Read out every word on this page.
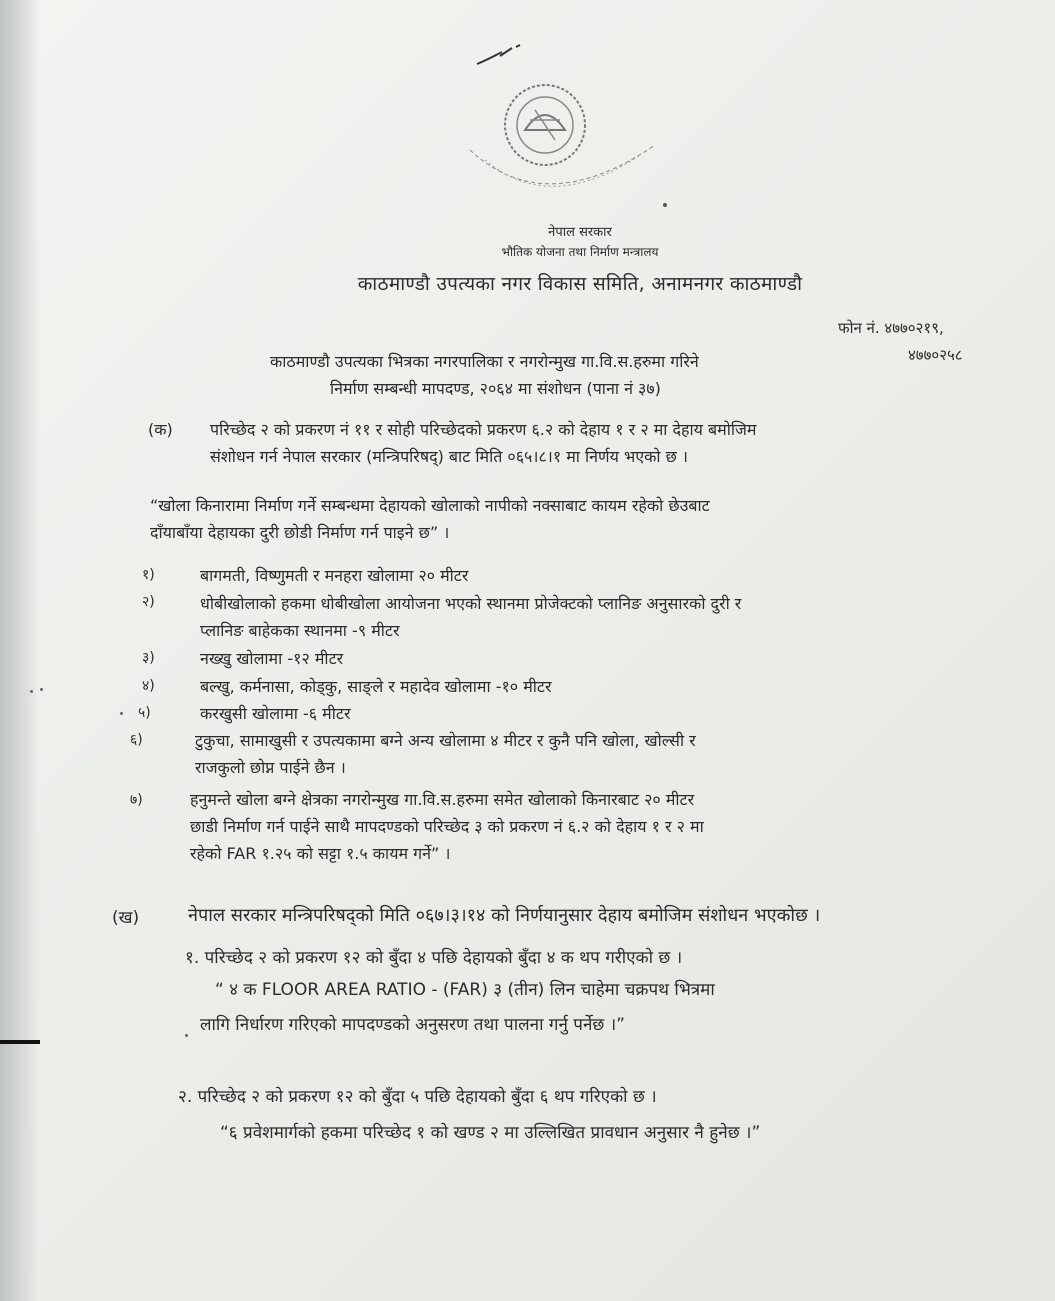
नेपाल सरकार
भौतिक योजना तथा निर्माण मन्त्रालय
काठमाण्डौ उपत्यका नगर विकास समिति, अनामनगर काठमाण्डौ
फोन नं. ४७७०२१९,
४७७०२५८
काठमाण्डौ उपत्यका भित्रका नगरपालिका र नगरोन्मुख गा.वि.स.हरुमा गरिने
निर्माण सम्बन्धी मापदण्ड, २०६४ मा संशोधन (पाना नं ३७)
(क) परिच्छेद २ को प्रकरण नं ११ र सोही परिच्छेदको प्रकरण ६.२ को देहाय १ र २ मा देहाय बमोजिम
संशोधन गर्न नेपाल सरकार (मन्त्रिपरिषद्) बाट मिति ०६५।८।१ मा निर्णय भएको छ ।
“खोला किनारामा निर्माण गर्ने सम्बन्धमा देहायको खोलाको नापीको नक्साबाट कायम रहेको छेउबाट
दाँयाबाँया देहायका दुरी छोडी निर्माण गर्न पाइने छ” ।
१)	बागमती, विष्णुमती र मनहरा खोलामा २० मीटर
२)	धोबीखोलाको हकमा धोबीखोला आयोजना भएको स्थानमा प्रोजेक्टको प्लानिङ अनुसारको दुरी र
प्लानिङ बाहेकका स्थानमा -९ मीटर
३)	नख्खु खोलामा -१२ मीटर
४)	बल्खु, कर्मनासा, कोड्कु, साङ्ले र महादेव खोलामा -१० मीटर
५)	करखुसी खोलामा -६ मीटर
६)	टुकुचा, सामाखुसी र उपत्यकामा बग्ने अन्य खोलामा ४ मीटर र कुनै पनि खोला, खोल्सी र
राजकुलो छोप्न पाईने छैन ।
७)	हनुमन्ते खोला बग्ने क्षेत्रका नगरोन्मुख गा.वि.स.हरुमा समेत खोलाको किनारबाट २० मीटर
छाडी निर्माण गर्न पाईने साथै मापदण्डको परिच्छेद ३ को प्रकरण नं ६.२ को देहाय १ र २ मा
रहेको FAR १.२५ को सट्टा १.५ कायम गर्ने” ।
(ख)	नेपाल सरकार मन्त्रिपरिषद्को मिति ०६७।३।१४ को निर्णयानुसार देहाय बमोजिम संशोधन भएकोछ ।
१. परिच्छेद २ को प्रकरण १२ को बुँदा ४ पछि देहायको बुँदा ४ क थप गरीएको छ ।
“ ४ क FLOOR AREA RATIO - (FAR) ३ (तीन) लिन चाहेमा चक्रपथ भित्रमा
लागि निर्धारण गरिएको मापदण्डको अनुसरण तथा पालना गर्नु पर्नेछ ।”
२. परिच्छेद २ को प्रकरण १२ को बुँदा ५ पछि देहायको बुँदा ६ थप गरिएको छ ।
“६ प्रवेशमार्गको हकमा परिच्छेद १ को खण्ड २ मा उल्लिखित प्रावधान अनुसार नै हुनेछ ।”
